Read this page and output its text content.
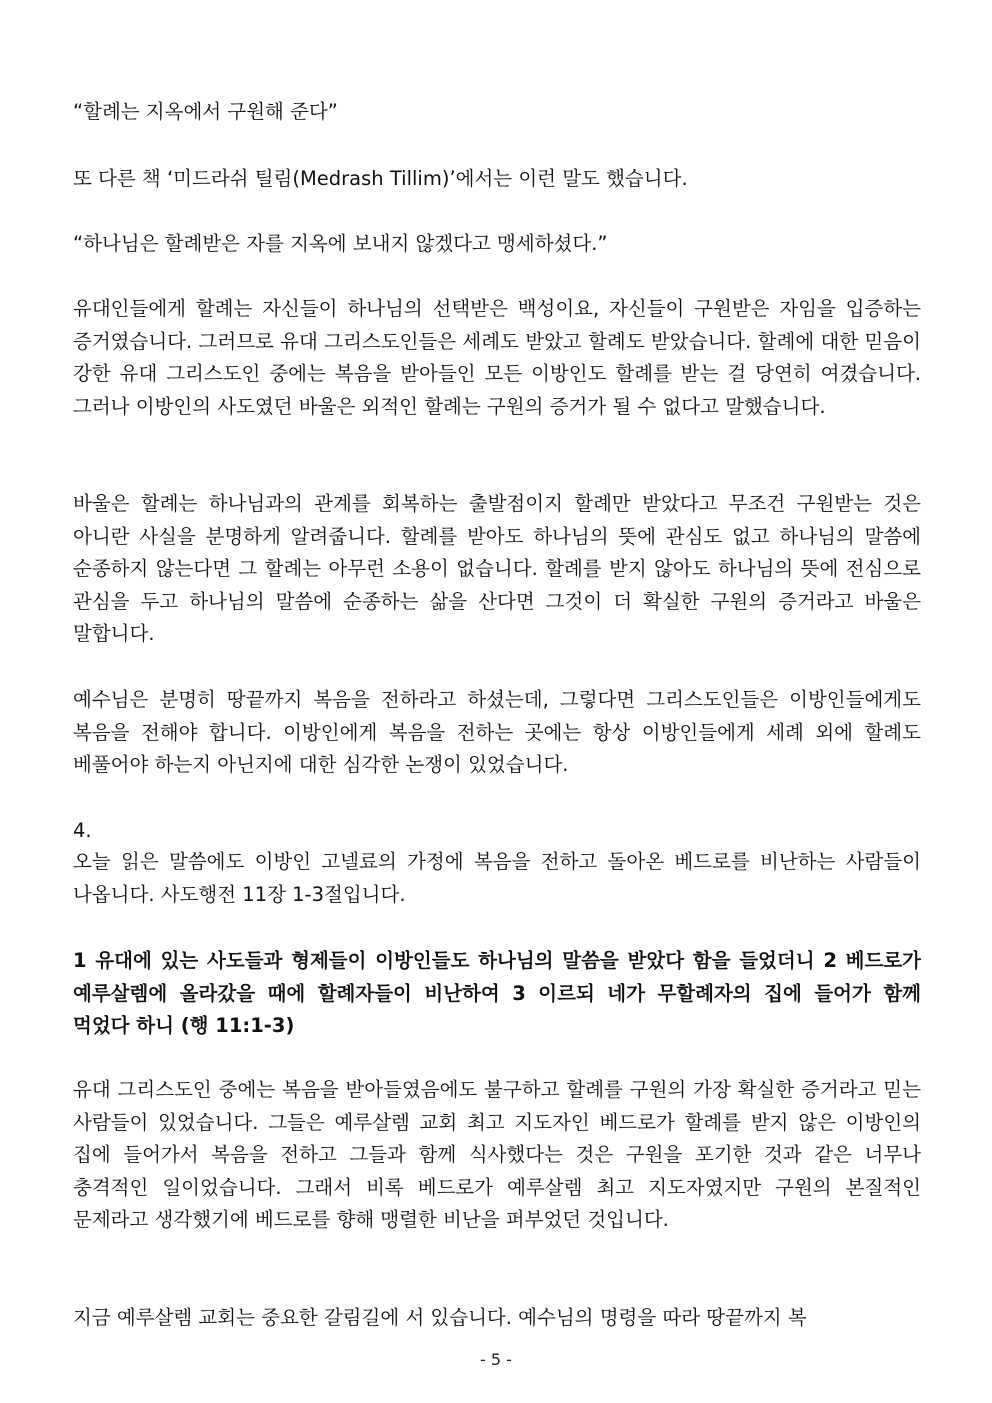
“할례는 지옥에서 구원해 준다”

또 다른 책 ‘미드라쉬 틸림(Medrash Tillim)’에서는 이런 말도 했습니다.

“하나님은 할례받은 자를 지옥에 보내지 않겠다고 맹세하셨다.”

유대인들에게 할례는 자신들이 하나님의 선택받은 백성이요, 자신들이 구원받은 자임을 입증하는 증거였습니다. 그러므로 유대 그리스도인들은 세례도 받았고 할례도 받았습니다. 할례에 대한 믿음이 강한 유대 그리스도인 중에는 복음을 받아들인 모든 이방인도 할례를 받는 걸 당연히 여겼습니다. 그러나 이방인의 사도였던 바울은 외적인 할례는 구원의 증거가 될 수 없다고 말했습니다.

바울은 할례는 하나님과의 관계를 회복하는 출발점이지 할례만 받았다고 무조건 구원받는 것은 아니란 사실을 분명하게 알려줍니다. 할례를 받아도 하나님의 뜻에 관심도 없고 하나님의 말씀에 순종하지 않는다면 그 할례는 아무런 소용이 없습니다. 할례를 받지 않아도 하나님의 뜻에 전심으로 관심을 두고 하나님의 말씀에 순종하는 삶을 산다면 그것이 더 확실한 구원의 증거라고 바울은 말합니다.

예수님은 분명히 땅끝까지 복음을 전하라고 하셨는데, 그렇다면 그리스도인들은 이방인들에게도 복음을 전해야 합니다. 이방인에게 복음을 전하는 곳에는 항상 이방인들에게 세례 외에 할례도 베풀어야 하는지 아닌지에 대한 심각한 논쟁이 있었습니다.

4.

오늘 읽은 말씀에도 이방인 고넬료의 가정에 복음을 전하고 돌아온 베드로를 비난하는 사람들이 나옵니다. 사도행전 11장 1-3절입니다.

1 유대에 있는 사도들과 형제들이 이방인들도 하나님의 말씀을 받았다 함을 들었더니 2 베드로가 예루살렘에 올라갔을 때에 할례자들이 비난하여 3 이르되 네가 무할례자의 집에 들어가 함께 먹었다 하니 (행 11:1-3)

유대 그리스도인 중에는 복음을 받아들였음에도 불구하고 할례를 구원의 가장 확실한 증거라고 믿는 사람들이 있었습니다. 그들은 예루살렘 교회 최고 지도자인 베드로가 할례를 받지 않은 이방인의 집에 들어가서 복음을 전하고 그들과 함께 식사했다는 것은 구원을 포기한 것과 같은 너무나 충격적인 일이었습니다. 그래서 비록 베드로가 예루살렘 최고 지도자였지만 구원의 본질적인 문제라고 생각했기에 베드로를 향해 맹렬한 비난을 퍼부었던 것입니다.

지금 예루살렘 교회는 중요한 갈림길에 서 있습니다. 예수님의 명령을 따라 땅끝까지 복

- 5 -
